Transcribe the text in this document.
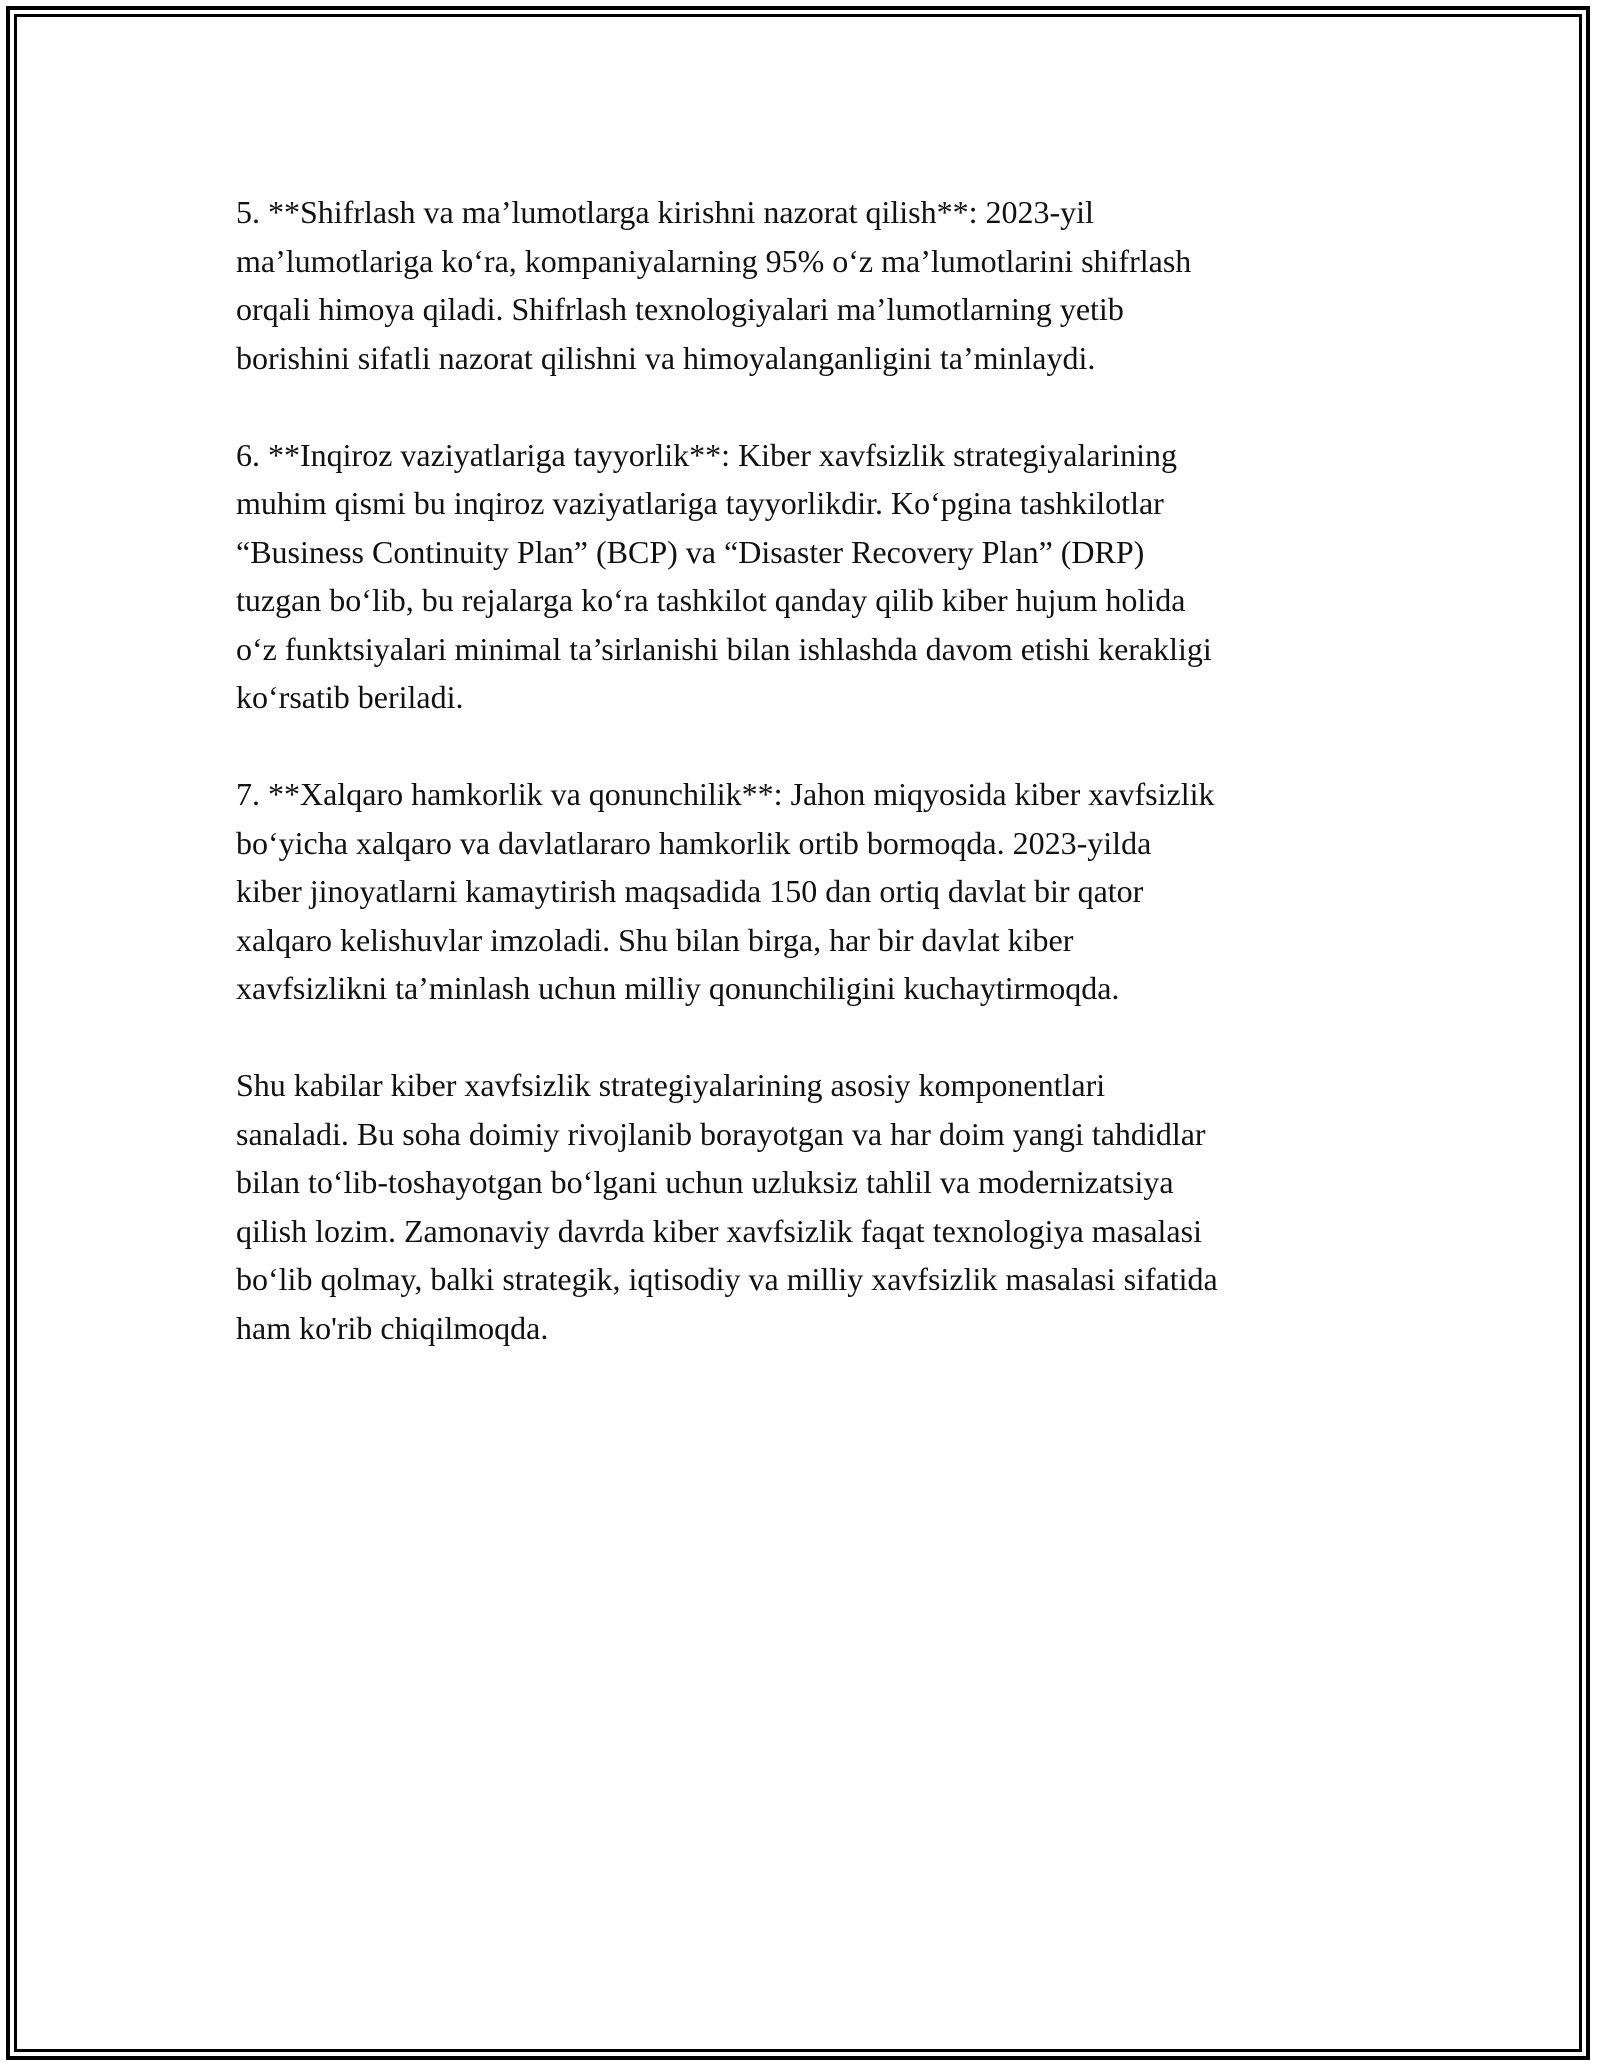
5. **Shifrlash va ma’lumotlarga kirishni nazorat qilish**: 2023-yil
ma’lumotlariga ko‘ra, kompaniyalarning 95% o‘z ma’lumotlarini shifrlash
orqali himoya qiladi. Shifrlash texnologiyalari ma’lumotlarning yetib
borishini sifatli nazorat qilishni va himoyalanganligini ta’minlaydi.

6. **Inqiroz vaziyatlariga tayyorlik**: Kiber xavfsizlik strategiyalarining
muhim qismi bu inqiroz vaziyatlariga tayyorlikdir. Ko‘pgina tashkilotlar
“Business Continuity Plan” (BCP) va “Disaster Recovery Plan” (DRP)
tuzgan bo‘lib, bu rejalarga ko‘ra tashkilot qanday qilib kiber hujum holida
o‘z funktsiyalari minimal ta’sirlanishi bilan ishlashda davom etishi kerakligi
ko‘rsatib beriladi.

7. **Xalqaro hamkorlik va qonunchilik**: Jahon miqyosida kiber xavfsizlik
bo‘yicha xalqaro va davlatlararo hamkorlik ortib bormoqda. 2023-yilda
kiber jinoyatlarni kamaytirish maqsadida 150 dan ortiq davlat bir qator
xalqaro kelishuvlar imzoladi. Shu bilan birga, har bir davlat kiber
xavfsizlikni ta’minlash uchun milliy qonunchiligini kuchaytirmoqda.

Shu kabilar kiber xavfsizlik strategiyalarining asosiy komponentlari
sanaladi. Bu soha doimiy rivojlanib borayotgan va har doim yangi tahdidlar
bilan to‘lib-toshayotgan bo‘lgani uchun uzluksiz tahlil va modernizatsiya
qilish lozim. Zamonaviy davrda kiber xavfsizlik faqat texnologiya masalasi
bo‘lib qolmay, balki strategik, iqtisodiy va milliy xavfsizlik masalasi sifatida
ham ko'rib chiqilmoqda.
